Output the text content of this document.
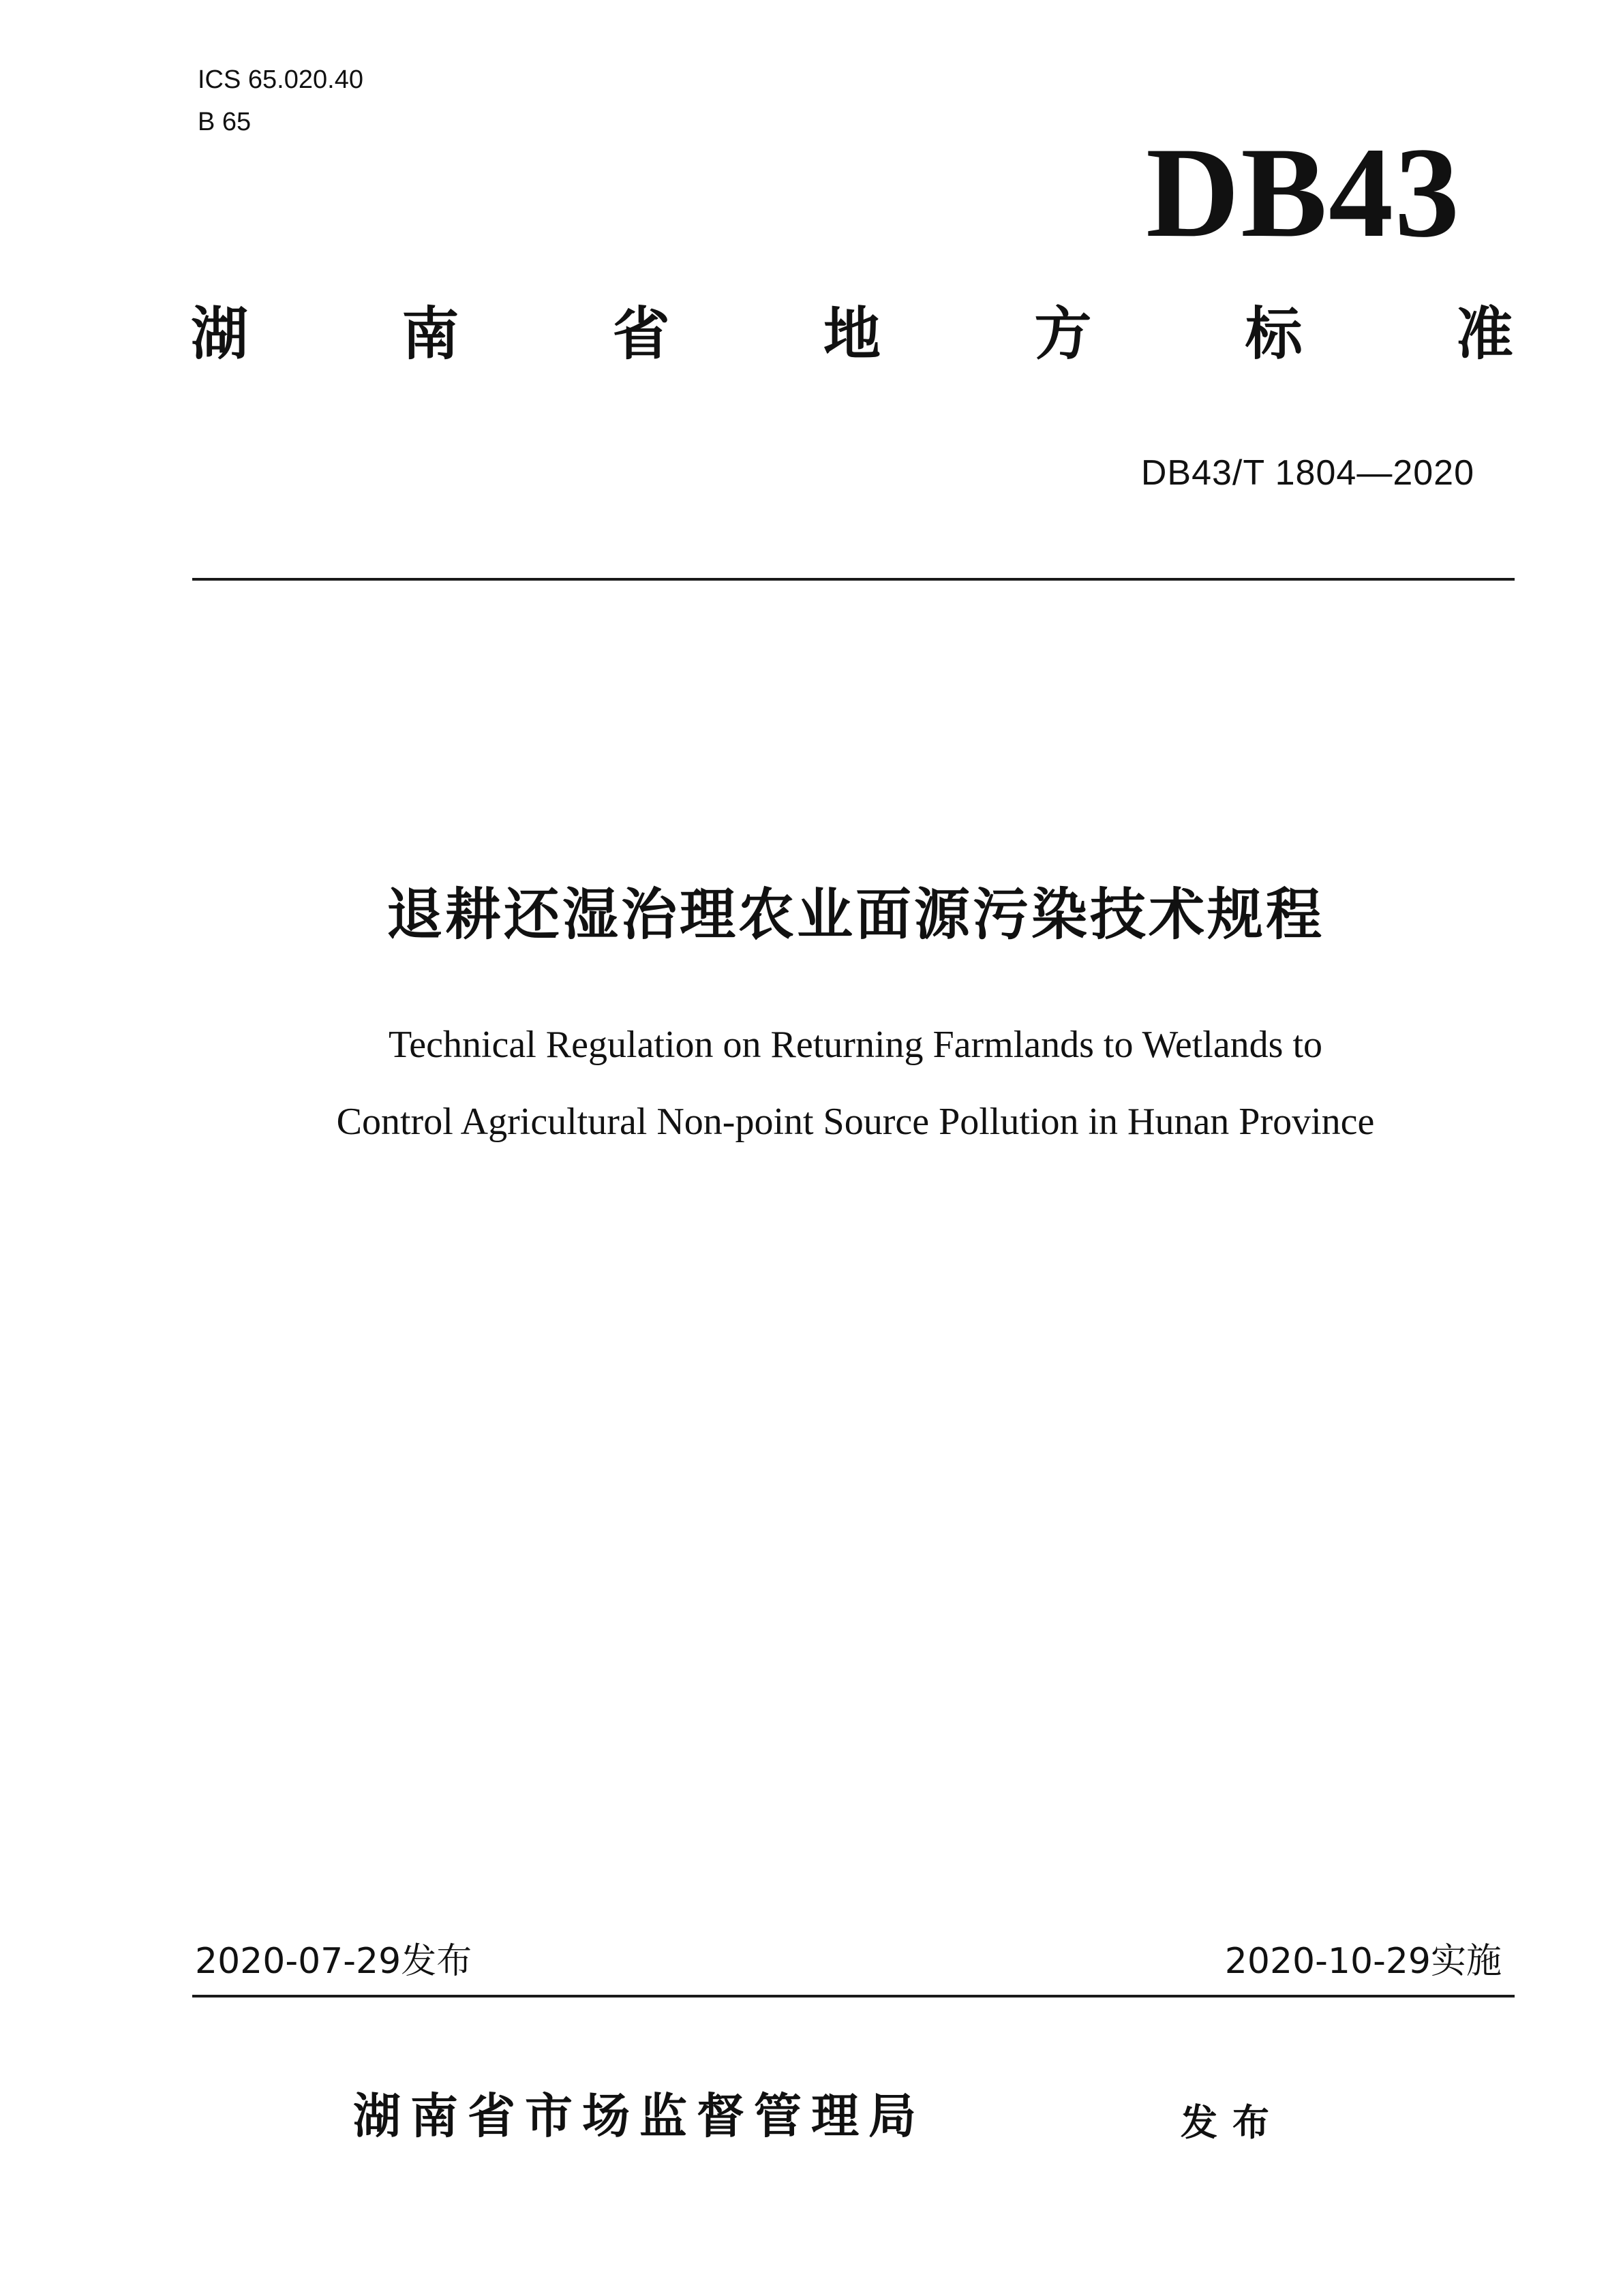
ICS 65.020.40
B 65	DB43
湖	南	省	地	方	标	准
DB43/T 1804—2020
退耕还湿治理农业面源污染技术规程
Technical Regulation on Returning Farmlands to Wetlands to
Control Agricultural Non-point Source Pollution in Hunan Province
2020-07-29发布	2020-10-29实施
湖南省市场监督管理局	发布
